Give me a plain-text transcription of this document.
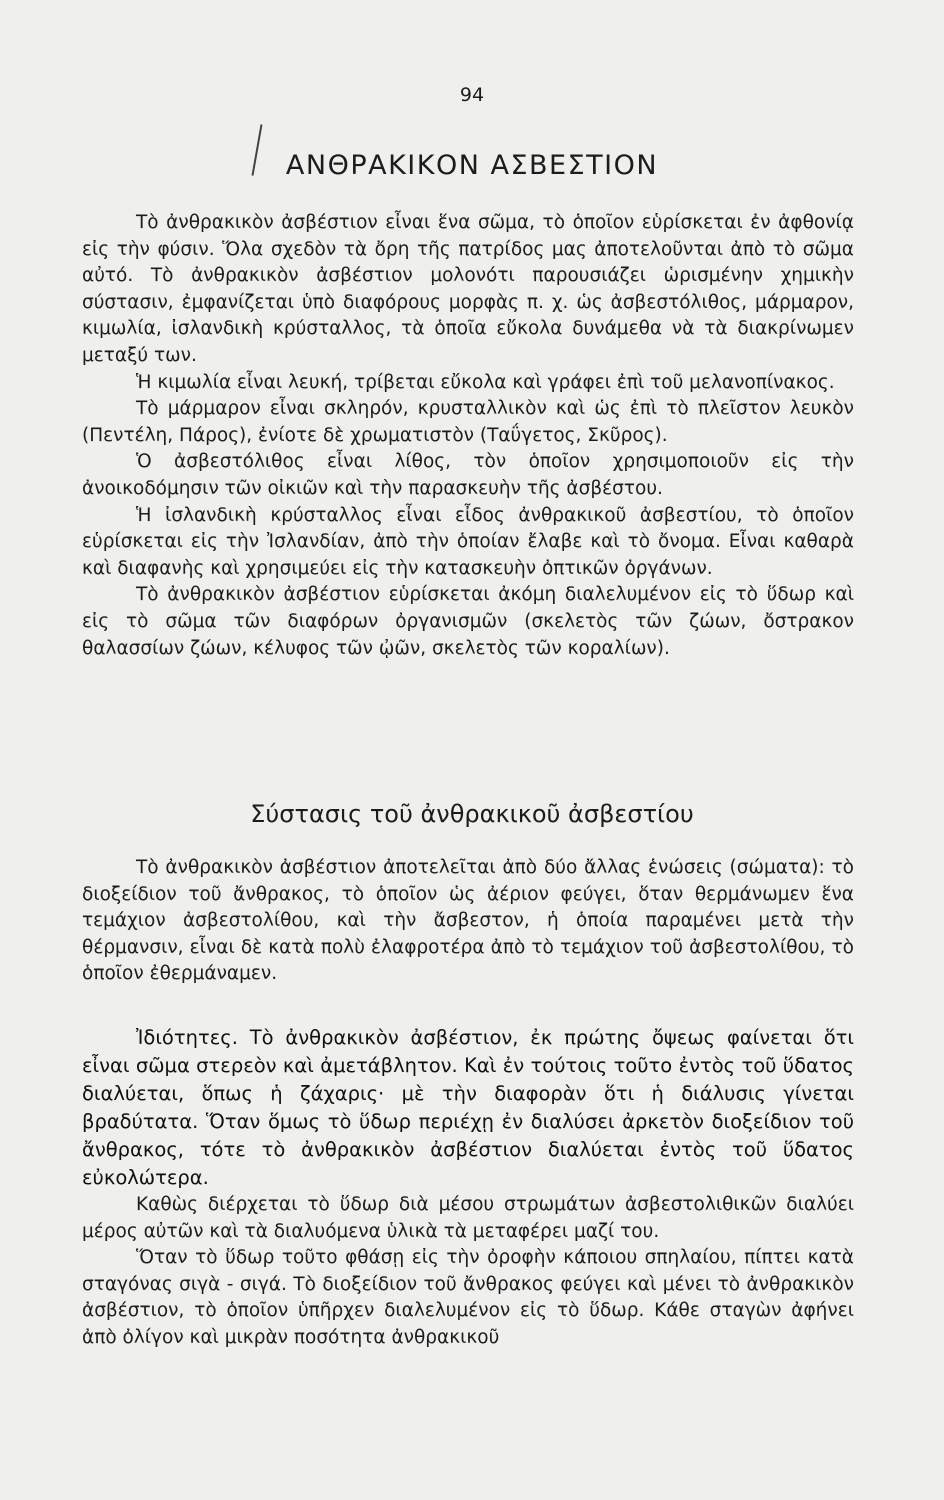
94
ΑΝΘΡΑΚΙΚΟΝ ΑΣΒΕΣΤΙΟΝ

Τὸ ἀνθρακικὸν ἀσβέστιον εἶναι ἕνα σῶμα, τὸ ὁποῖον εὑρίσκεται ἐν ἀφθονίᾳ εἰς τὴν φύσιν. Ὅλα σχεδὸν τὰ ὄρη τῆς πατρίδος μας ἀποτελοῦνται ἀπὸ τὸ σῶμα αὐτό. Τὸ ἀνθρακικὸν ἀσβέστιον μολονότι παρουσιάζει ὡρισμένην χημικὴν σύστασιν, ἐμφανίζεται ὑπὸ διαφόρους μορφὰς π. χ. ὡς ἀσβεστόλιθος, μάρμαρον, κιμωλία, ἰσλανδικὴ κρύσταλλος, τὰ ὁποῖα εὔκολα δυνάμεθα νὰ τὰ διακρίνωμεν μεταξύ των.

Ἡ κιμωλία εἶναι λευκή, τρίβεται εὔκολα καὶ γράφει ἐπὶ τοῦ μελανοπίνακος.

Τὸ μάρμαρον εἶναι σκληρόν, κρυσταλλικὸν καὶ ὡς ἐπὶ τὸ πλεῖστον λευκὸν (Πεντέλη, Πάρος), ἐνίοτε δὲ χρωματιστὸν (Ταΰγετος, Σκῦρος).

Ὁ ἀσβεστόλιθος εἶναι λίθος, τὸν ὁποῖον χρησιμοποιοῦν εἰς τὴν ἀνοικοδόμησιν τῶν οἰκιῶν καὶ τὴν παρασκευὴν τῆς ἀσβέστου.

Ἡ ἰσλανδικὴ κρύσταλλος εἶναι εἶδος ἀνθρακικοῦ ἀσβεστίου, τὸ ὁποῖον εὑρίσκεται εἰς τὴν Ἰσλανδίαν, ἀπὸ τὴν ὁποίαν ἔλαβε καὶ τὸ ὄνομα. Εἶναι καθαρὰ καὶ διαφανὴς καὶ χρησιμεύει εἰς τὴν κατασκευὴν ὀπτικῶν ὀργάνων.

Τὸ ἀνθρακικὸν ἀσβέστιον εὑρίσκεται ἀκόμη διαλελυμένον εἰς τὸ ὕδωρ καὶ εἰς τὸ σῶμα τῶν διαφόρων ὀργανισμῶν (σκελετὸς τῶν ζώων, ὄστρακον θαλασσίων ζώων, κέλυφος τῶν ᾠῶν, σκελετὸς τῶν κοραλίων).

Σύστασις τοῦ ἀνθρακικοῦ ἀσβεστίου

Τὸ ἀνθρακικὸν ἀσβέστιον ἀποτελεῖται ἀπὸ δύο ἄλλας ἑνώσεις (σώματα): τὸ διοξείδιον τοῦ ἄνθρακος, τὸ ὁποῖον ὡς ἀέριον φεύγει, ὅταν θερμάνωμεν ἕνα τεμάχιον ἀσβεστολίθου, καὶ τὴν ἄσβεστον, ἡ ὁποία παραμένει μετὰ τὴν θέρμανσιν, εἶναι δὲ κατὰ πολὺ ἐλαφροτέρα ἀπὸ τὸ τεμάχιον τοῦ ἀσβεστολίθου, τὸ ὁποῖον ἐθερμάναμεν.

Ἰδιότητες. Τὸ ἀνθρακικὸν ἀσβέστιον, ἐκ πρώτης ὄψεως φαίνεται ὅτι εἶναι σῶμα στερεὸν καὶ ἀμετάβλητον. Καὶ ἐν τούτοις τοῦτο ἐντὸς τοῦ ὕδατος διαλύεται, ὅπως ἡ ζάχαρις· μὲ τὴν διαφορὰν ὅτι ἡ διάλυσις γίνεται βραδύτατα. Ὅταν ὅμως τὸ ὕδωρ περιέχῃ ἐν διαλύσει ἀρκετὸν διοξείδιον τοῦ ἄνθρακος, τότε τὸ ἀνθρακικὸν ἀσβέστιον διαλύεται ἐντὸς τοῦ ὕδατος εὐκολώτερα.

Καθὼς διέρχεται τὸ ὕδωρ διὰ μέσου στρωμάτων ἀσβεστολιθικῶν διαλύει μέρος αὐτῶν καὶ τὰ διαλυόμενα ὑλικὰ τὰ μεταφέρει μαζί του.

Ὅταν τὸ ὕδωρ τοῦτο φθάσῃ εἰς τὴν ὀροφὴν κάποιου σπηλαίου, πίπτει κατὰ σταγόνας σιγὰ - σιγά. Τὸ διοξείδιον τοῦ ἄνθρακος φεύγει καὶ μένει τὸ ἀνθρακικὸν ἀσβέστιον, τὸ ὁποῖον ὑπῆρχεν διαλελυμένον εἰς τὸ ὕδωρ. Κάθε σταγὼν ἀφήνει ἀπὸ ὀλίγον καὶ μικρὰν ποσότητα ἀνθρακικοῦ
